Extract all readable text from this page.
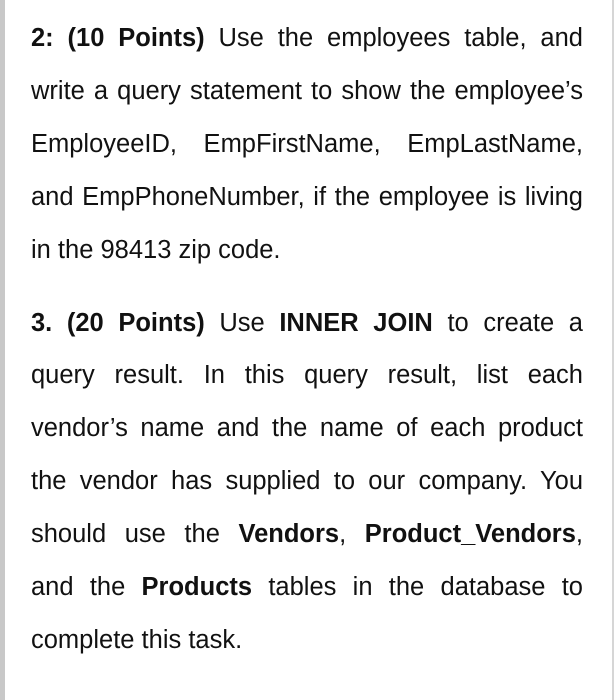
2: (10 Points) Use the employees table, and write a query statement to show the employee’s EmployeeID, EmpFirstName, EmpLastName, and EmpPhoneNumber, if the employee is living in the 98413 zip code.

3. (20 Points) Use INNER JOIN to create a query result. In this query result, list each vendor’s name and the name of each product the vendor has supplied to our company. You should use the Vendors, Product_Vendors, and the Products tables in the database to complete this task.
